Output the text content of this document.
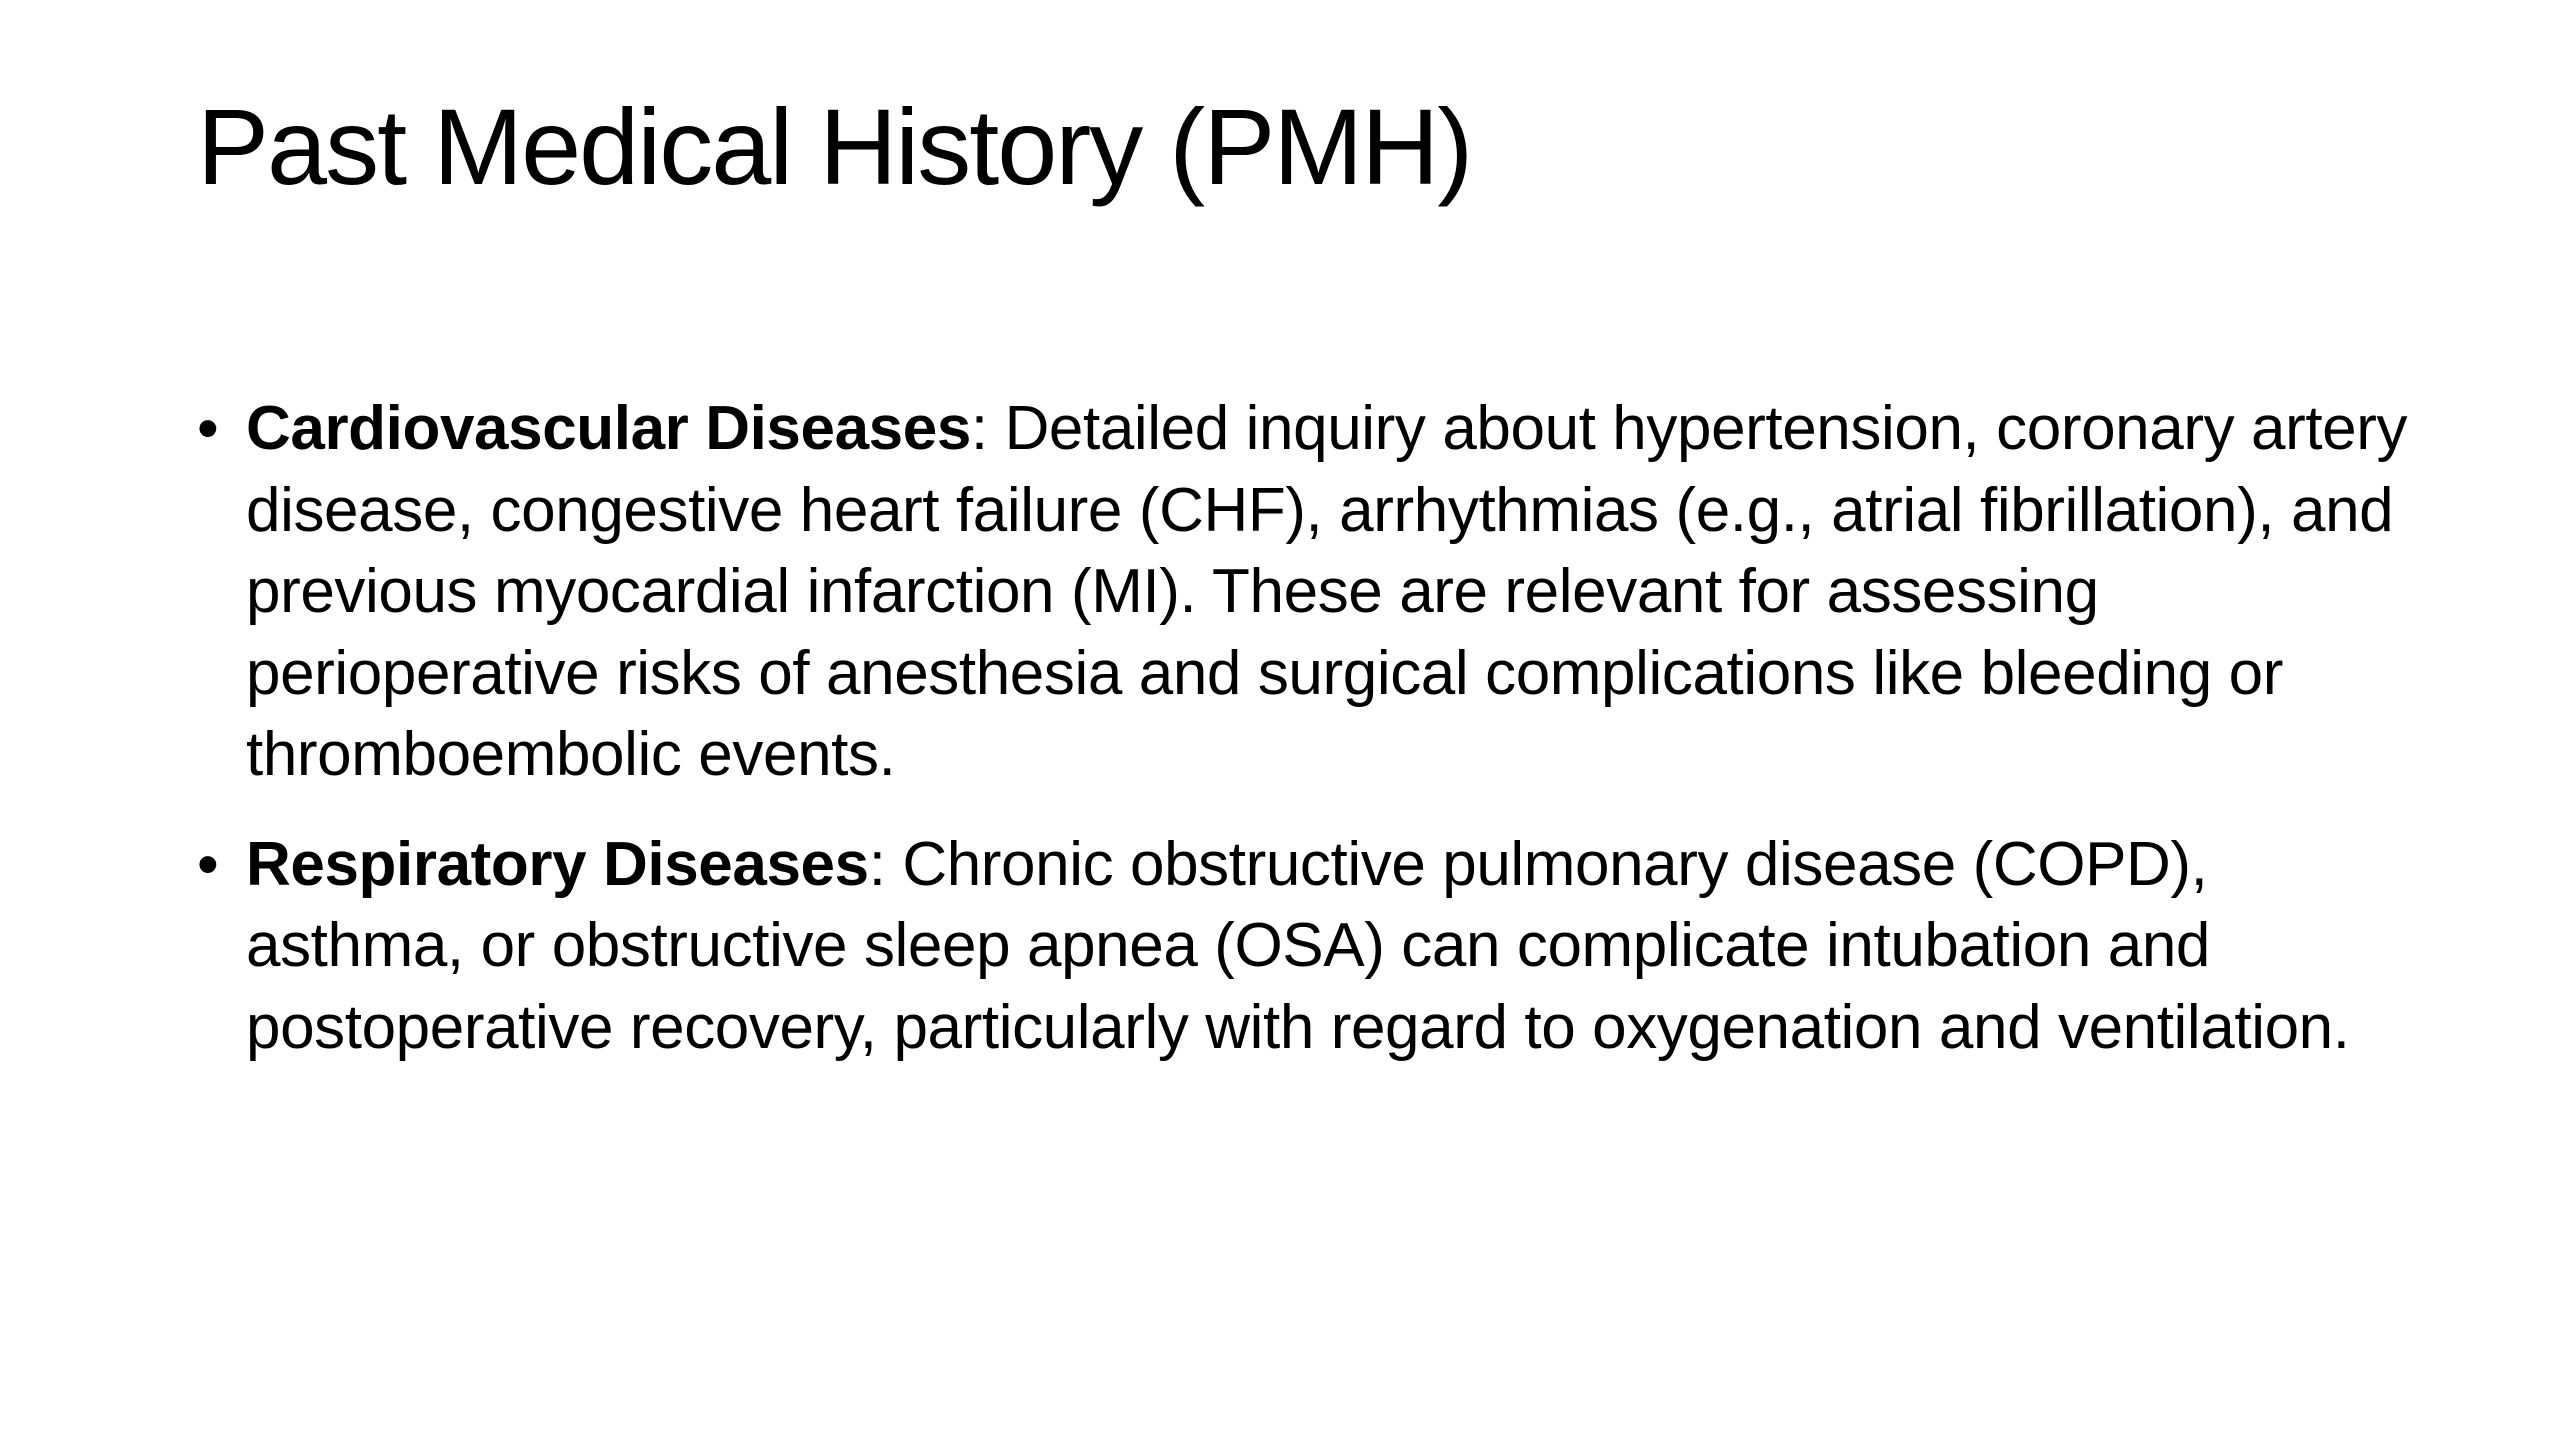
Past Medical History (PMH)
• Cardiovascular Diseases: Detailed inquiry about hypertension, coronary artery disease, congestive heart failure (CHF), arrhythmias (e.g., atrial fibrillation), and previous myocardial infarction (MI). These are relevant for assessing perioperative risks of anesthesia and surgical complications like bleeding or thromboembolic events.
• Respiratory Diseases: Chronic obstructive pulmonary disease (COPD), asthma, or obstructive sleep apnea (OSA) can complicate intubation and postoperative recovery, particularly with regard to oxygenation and ventilation.
